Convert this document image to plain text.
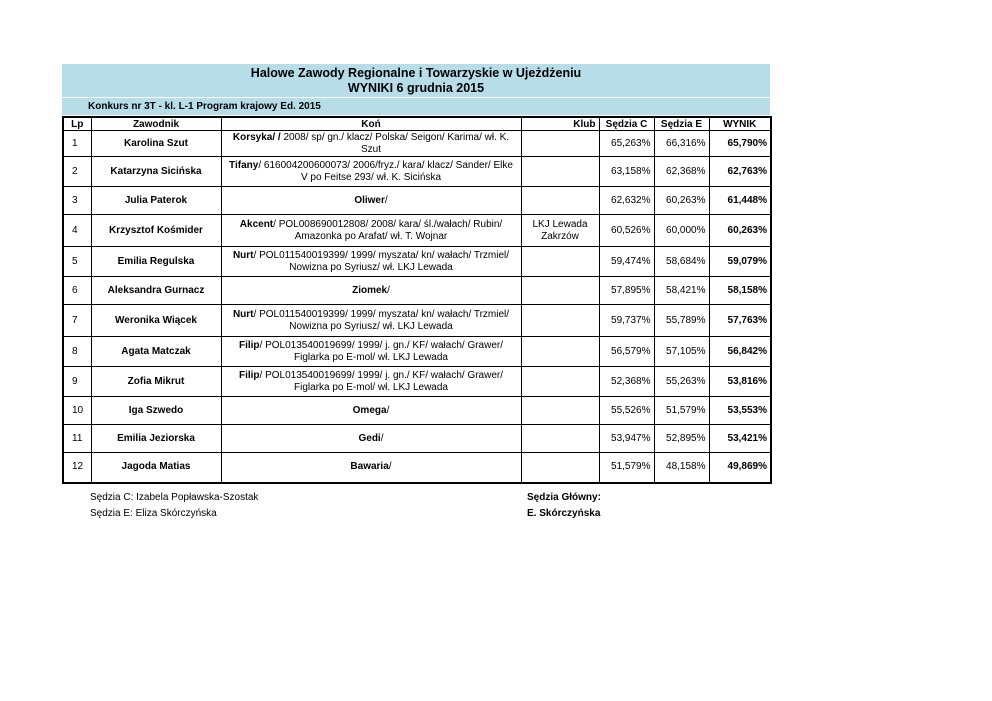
Halowe Zawody Regionalne i Towarzyskie w Ujeżdżeniu
WYNIKI 6 grudnia 2015
Konkurs nr 3T - kl. L-1 Program krajowy Ed. 2015
Lp	Zawodnik	Koń	Klub	Sędzia C	Sędzia E	WYNIK
1	Karolina Szut	Korsyka/ / 2008/ sp/ gn./ klacz/ Polska/ Seigon/ Karima/ wł. K. Szut		65,263%	66,316%	65,790%
2	Katarzyna Sicińska	Tifany/ 616004200600073/ 2006/fryz./ kara/ klacz/ Sander/ Elke V po Feitse 293/ wł. K. Sicińska		63,158%	62,368%	62,763%
3	Julia Paterok	Oliwer/		62,632%	60,263%	61,448%
4	Krzysztof Kośmider	Akcent/ POL008690012808/ 2008/ kara/ śl./wałach/ Rubin/ Amazonka po Arafat/ wł. T. Wojnar	LKJ Lewada Zakrzów	60,526%	60,000%	60,263%
5	Emilia Regulska	Nurt/ POL011540019399/ 1999/ myszata/ kn/ wałach/ Trzmiel/ Nowizna po Syriusz/ wł. LKJ Lewada		59,474%	58,684%	59,079%
6	Aleksandra Gurnacz	Ziomek/		57,895%	58,421%	58,158%
7	Weronika Wiącek	Nurt/ POL011540019399/ 1999/ myszata/ kn/ wałach/ Trzmiel/ Nowizna po Syriusz/ wł. LKJ Lewada		59,737%	55,789%	57,763%
8	Agata Matczak	Filip/ POL013540019699/ 1999/ j. gn./ KF/ wałach/ Grawer/ Figlarka po E-mol/ wł. LKJ Lewada		56,579%	57,105%	56,842%
9	Zofia Mikrut	Filip/ POL013540019699/ 1999/ j. gn./ KF/ wałach/ Grawer/ Figlarka po E-mol/ wł. LKJ Lewada		52,368%	55,263%	53,816%
10	Iga Szwedo	Omega/		55,526%	51,579%	53,553%
11	Emilia Jeziorska	Gedi/		53,947%	52,895%	53,421%
12	Jagoda Matias	Bawaria/		51,579%	48,158%	49,869%
Sędzia C: Izabela Popławska-Szostak
Sędzia E: Eliza Skórczyńska
Sędzia Główny:
E. Skórczyńska
